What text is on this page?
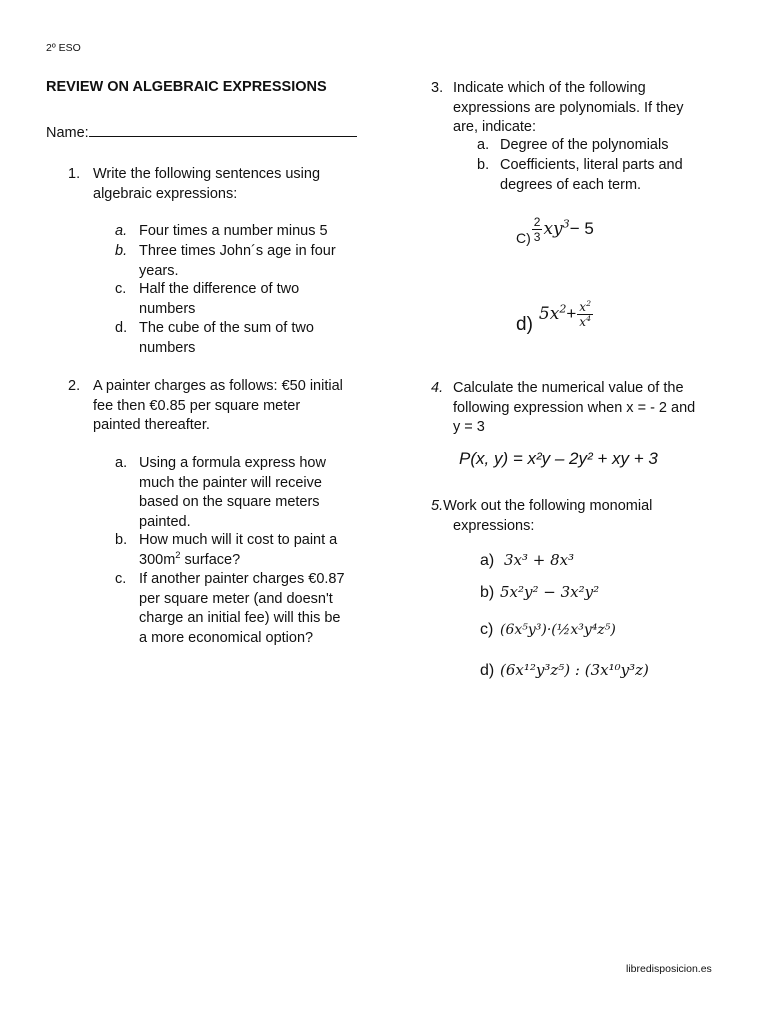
2º ESO
REVIEW ON ALGEBRAIC EXPRESSIONS
Name:
1. Write the following sentences using
algebraic expressions:
a. Four times a number minus 5
b. Three times John´s age in four
years.
c. Half the difference of two
numbers
d. The cube of the sum of two
numbers
2. A painter charges as follows: €50 initial
fee then €0.85 per square meter
painted thereafter.
a. Using a formula express how
much the painter will receive
based on the square meters
painted.
b. How much will it cost to paint a
$300m^2$ surface?
c. If another painter charges €0.87
per square meter (and doesn't
charge an initial fee) will this be
a more economical option?
3. Indicate which of the following
expressions are polynomials. If they
are, indicate:
a. Degree of the polynomials
b. Coefficients, literal parts and
degrees of each term.
$C) \frac{2}{3} xy^3 - 5$
d) $5x^2 + \frac{x^2}{x^4}$
4. Calculate the numerical value of the
following expression when x = - 2 and
y = 3
P(x, y) = x²y – 2y² + xy + 3
5.Work out the following monomial
expressions:
a) 3x³ + 8x³
b) 5x²y² − 3x²y²
c) (6x⁵y³)·(½x³y⁴z⁵)
d) (6x¹²y³z⁵) : (3x¹⁰y³z)
libredisposicion.es
